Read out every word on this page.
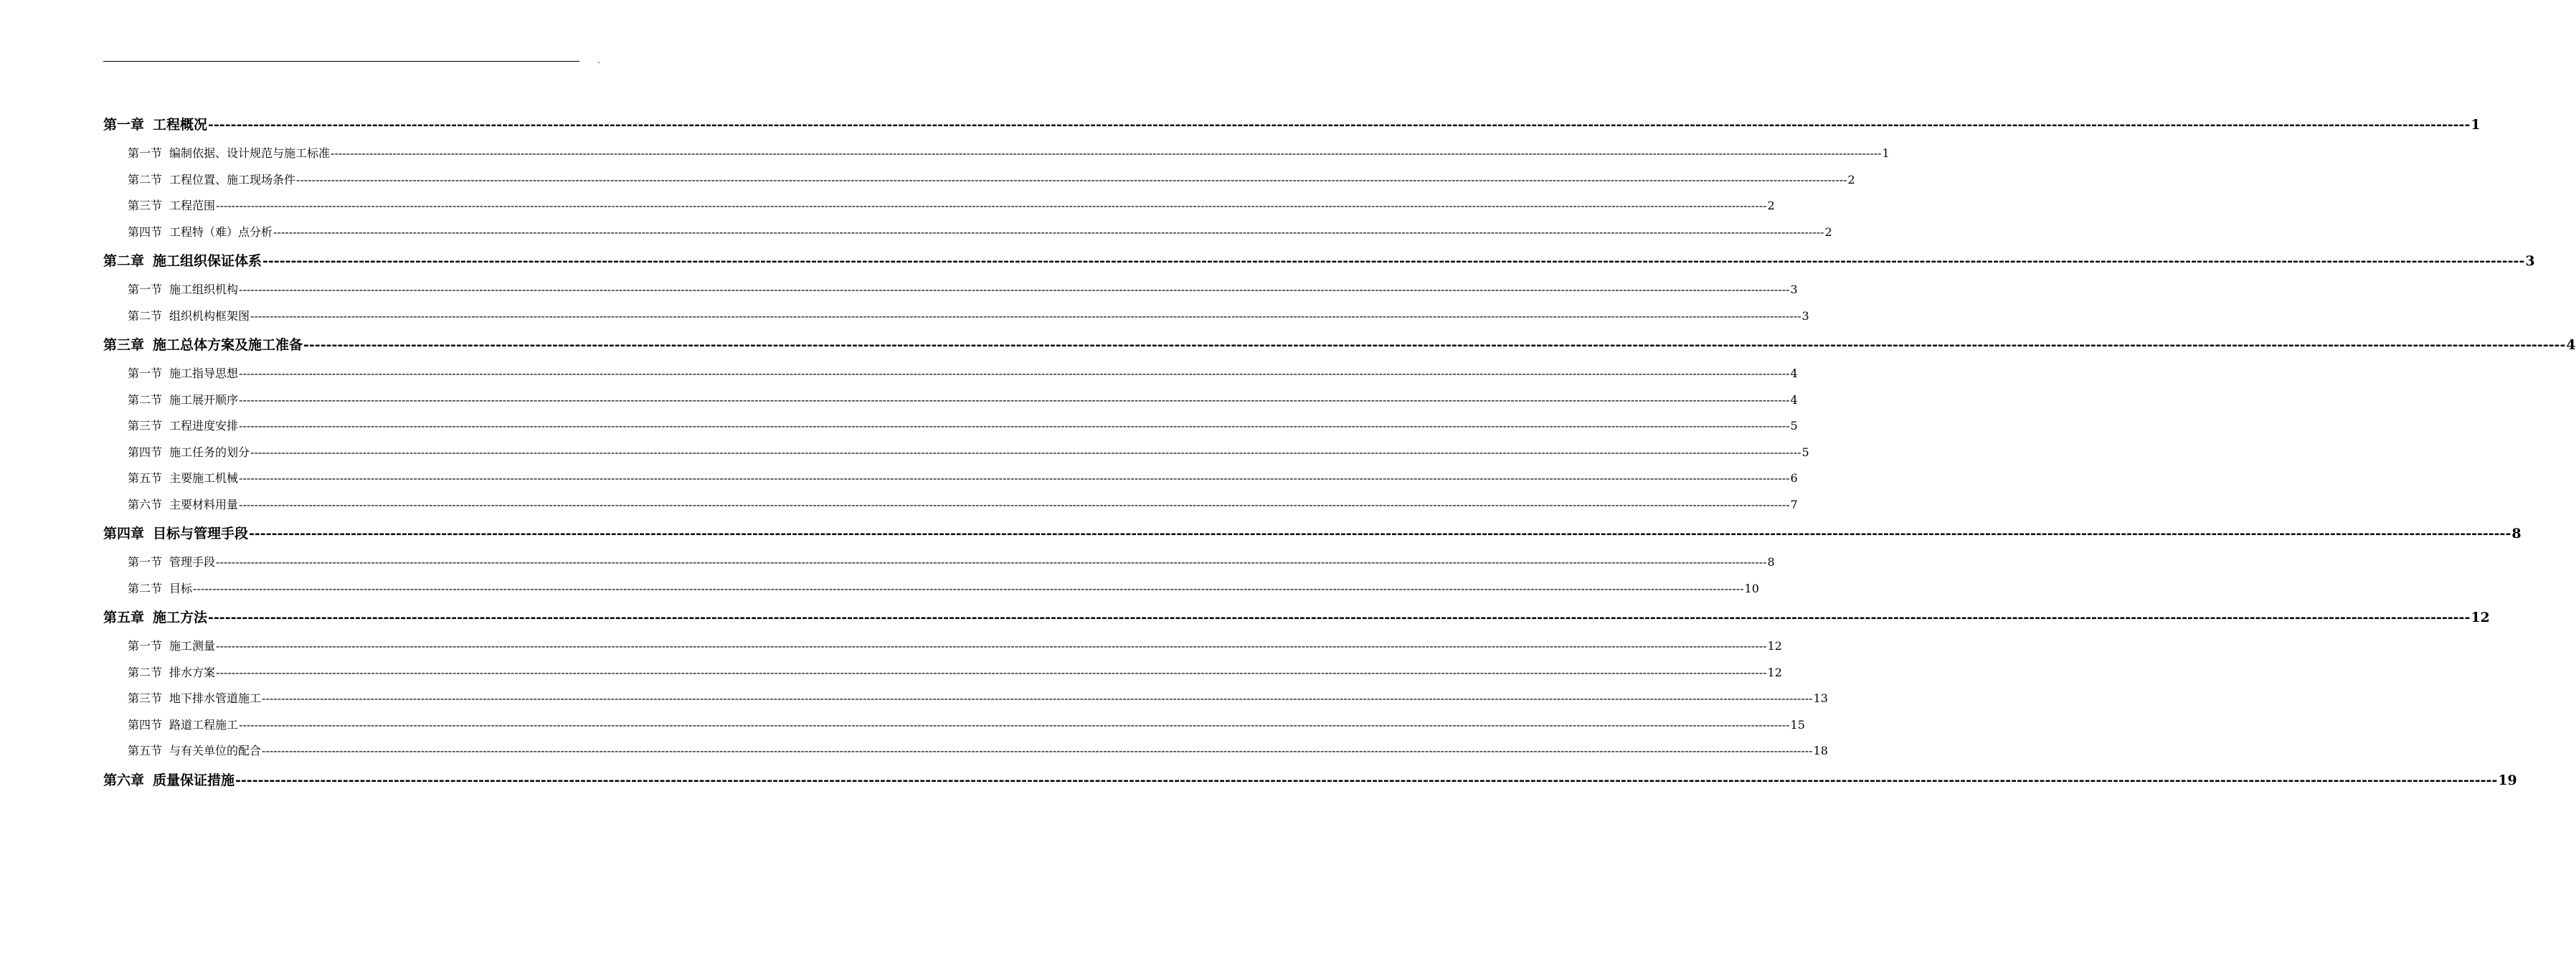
.
第一章 工程概况 ---------------------------------------------------------------------------------------------------------------------------------------------------------------------------------------------------------------------------------------------------------------------------------------------------------------------------------------------------------------------------------------------------------------- 1
第一节 编制依据、设计规范与施工标准 ---------------------------------------------------------------------------------------------------------------------------------------------------------------------------------------------------------------------------------------------------------------------------------------------------------------------------------------------------------------------------------------------------------------- 1
第二节 工程位置、施工现场条件 ---------------------------------------------------------------------------------------------------------------------------------------------------------------------------------------------------------------------------------------------------------------------------------------------------------------------------------------------------------------------------------------------------------------- 2
第三节 工程范围 ---------------------------------------------------------------------------------------------------------------------------------------------------------------------------------------------------------------------------------------------------------------------------------------------------------------------------------------------------------------------------------------------------------------- 2
第四节 工程特（难）点分析 ---------------------------------------------------------------------------------------------------------------------------------------------------------------------------------------------------------------------------------------------------------------------------------------------------------------------------------------------------------------------------------------------------------------- 2
第二章 施工组织保证体系 ---------------------------------------------------------------------------------------------------------------------------------------------------------------------------------------------------------------------------------------------------------------------------------------------------------------------------------------------------------------------------------------------------------------- 3
第一节 施工组织机构 ---------------------------------------------------------------------------------------------------------------------------------------------------------------------------------------------------------------------------------------------------------------------------------------------------------------------------------------------------------------------------------------------------------------- 3
第二节 组织机构框架图 ---------------------------------------------------------------------------------------------------------------------------------------------------------------------------------------------------------------------------------------------------------------------------------------------------------------------------------------------------------------------------------------------------------------- 3
第三章 施工总体方案及施工准备 ---------------------------------------------------------------------------------------------------------------------------------------------------------------------------------------------------------------------------------------------------------------------------------------------------------------------------------------------------------------------------------------------------------------- 4
第一节 施工指导思想 ---------------------------------------------------------------------------------------------------------------------------------------------------------------------------------------------------------------------------------------------------------------------------------------------------------------------------------------------------------------------------------------------------------------- 4
第二节 施工展开顺序 ---------------------------------------------------------------------------------------------------------------------------------------------------------------------------------------------------------------------------------------------------------------------------------------------------------------------------------------------------------------------------------------------------------------- 4
第三节 工程进度安排 ---------------------------------------------------------------------------------------------------------------------------------------------------------------------------------------------------------------------------------------------------------------------------------------------------------------------------------------------------------------------------------------------------------------- 5
第四节 施工任务的划分 ---------------------------------------------------------------------------------------------------------------------------------------------------------------------------------------------------------------------------------------------------------------------------------------------------------------------------------------------------------------------------------------------------------------- 5
第五节 主要施工机械 ---------------------------------------------------------------------------------------------------------------------------------------------------------------------------------------------------------------------------------------------------------------------------------------------------------------------------------------------------------------------------------------------------------------- 6
第六节 主要材料用量 ---------------------------------------------------------------------------------------------------------------------------------------------------------------------------------------------------------------------------------------------------------------------------------------------------------------------------------------------------------------------------------------------------------------- 7
第四章 目标与管理手段 ---------------------------------------------------------------------------------------------------------------------------------------------------------------------------------------------------------------------------------------------------------------------------------------------------------------------------------------------------------------------------------------------------------------- 8
第一节 管理手段 ---------------------------------------------------------------------------------------------------------------------------------------------------------------------------------------------------------------------------------------------------------------------------------------------------------------------------------------------------------------------------------------------------------------- 8
第二节 目标 ---------------------------------------------------------------------------------------------------------------------------------------------------------------------------------------------------------------------------------------------------------------------------------------------------------------------------------------------------------------------------------------------------------------- 10
第五章 施工方法 ---------------------------------------------------------------------------------------------------------------------------------------------------------------------------------------------------------------------------------------------------------------------------------------------------------------------------------------------------------------------------------------------------------------- 12
第一节 施工测量 ---------------------------------------------------------------------------------------------------------------------------------------------------------------------------------------------------------------------------------------------------------------------------------------------------------------------------------------------------------------------------------------------------------------- 12
第二节 排水方案 ---------------------------------------------------------------------------------------------------------------------------------------------------------------------------------------------------------------------------------------------------------------------------------------------------------------------------------------------------------------------------------------------------------------- 12
第三节 地下排水管道施工 ---------------------------------------------------------------------------------------------------------------------------------------------------------------------------------------------------------------------------------------------------------------------------------------------------------------------------------------------------------------------------------------------------------------- 13
第四节 路道工程施工 ---------------------------------------------------------------------------------------------------------------------------------------------------------------------------------------------------------------------------------------------------------------------------------------------------------------------------------------------------------------------------------------------------------------- 15
第五节 与有关单位的配合 ---------------------------------------------------------------------------------------------------------------------------------------------------------------------------------------------------------------------------------------------------------------------------------------------------------------------------------------------------------------------------------------------------------------- 18
第六章 质量保证措施 ---------------------------------------------------------------------------------------------------------------------------------------------------------------------------------------------------------------------------------------------------------------------------------------------------------------------------------------------------------------------------------------------------------------- 19
